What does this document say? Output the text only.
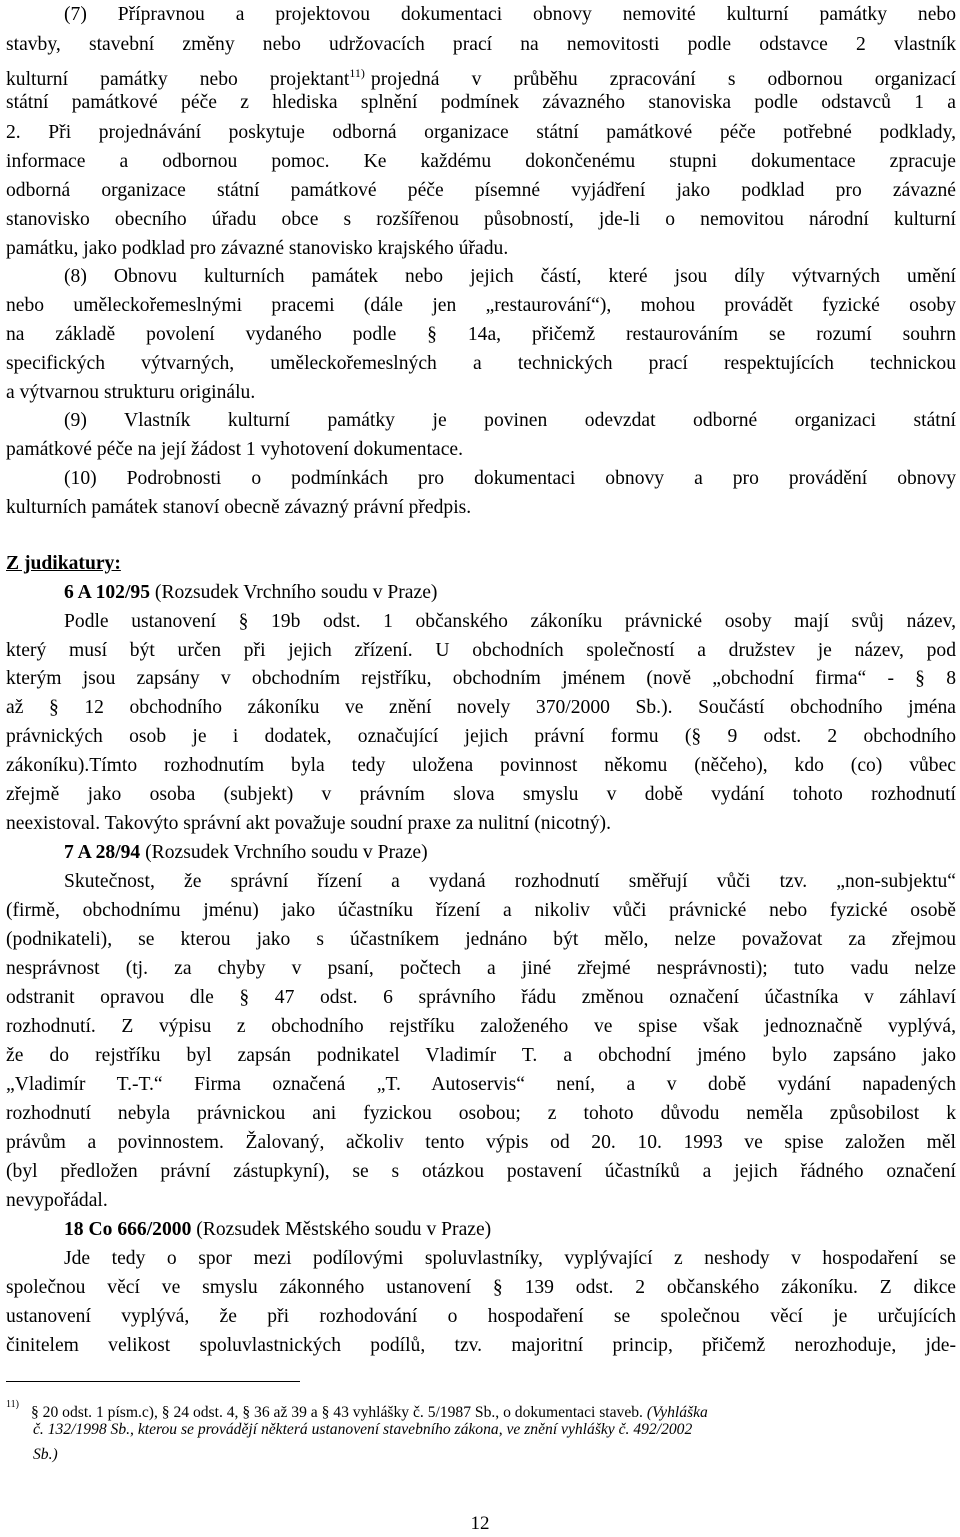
(7) Přípravnou a projektovou dokumentaci obnovy nemovité kulturní památky nebo
stavby, stavební změny nebo udržovacích prací na nemovitosti podle odstavce 2 vlastník
kulturní památky nebo projektant$^{11)}$ projedná v průběhu zpracování s odbornou organizací
státní památkové péče z hlediska splnění podmínek závazného stanoviska podle odstavců 1 a
2. Při projednávání poskytuje odborná organizace státní památkové péče potřebné podklady,
informace a odbornou pomoc. Ke každému dokončenému stupni dokumentace zpracuje
odborná organizace státní památkové péče písemné vyjádření jako podklad pro závazné
stanovisko obecního úřadu obce s rozšířenou působností, jde-li o nemovitou národní kulturní
památku, jako podklad pro závazné stanovisko krajského úřadu.
(8) Obnovu kulturních památek nebo jejich částí, které jsou díly výtvarných umění
nebo uměleckořemeslnými pracemi (dále jen „restaurování“), mohou provádět fyzické osoby
na základě povolení vydaného podle § 14a, přičemž restaurováním se rozumí souhrn
specifických výtvarných, uměleckořemeslných a technických prací respektujících technickou
a výtvarnou strukturu originálu.
(9) Vlastník kulturní památky je povinen odevzdat odborné organizaci státní
památkové péče na její žádost 1 vyhotovení dokumentace.
(10) Podrobnosti o podmínkách pro dokumentaci obnovy a pro provádění obnovy
kulturních památek stanoví obecně závazný právní předpis.
Z judikatury:
6 A 102/95 (Rozsudek Vrchního soudu v Praze)
Podle ustanovení § 19b odst. 1 občanského zákoníku právnické osoby mají svůj název,
který musí být určen při jejich zřízení. U obchodních společností a družstev je název, pod
kterým jsou zapsány v obchodním rejstříku, obchodním jménem (nově „obchodní firma“ - § 8
až § 12 obchodního zákoníku ve znění novely 370/2000 Sb.). Součástí obchodního jména
právnických osob je i dodatek, označující jejich právní formu (§ 9 odst. 2 obchodního
zákoníku).Tímto rozhodnutím byla tedy uložena povinnost někomu (něčeho), kdo (co) vůbec
zřejmě jako osoba (subjekt) v právním slova smyslu v době vydání tohoto rozhodnutí
neexistoval. Takovýto správní akt považuje soudní praxe za nulitní (nicotný).
7 A 28/94 (Rozsudek Vrchního soudu v Praze)
Skutečnost, že správní řízení a vydaná rozhodnutí směřují vůči tzv. „non-subjektu“
(firmě, obchodnímu jménu) jako účastníku řízení a nikoliv vůči právnické nebo fyzické osobě
(podnikateli), se kterou jako s účastníkem jednáno být mělo, nelze považovat za zřejmou
nesprávnost (tj. za chyby v psaní, počtech a jiné zřejmé nesprávnosti); tuto vadu nelze
odstranit opravou dle § 47 odst. 6 správního řádu změnou označení účastníka v záhlaví
rozhodnutí. Z výpisu z obchodního rejstříku založeného ve spise však jednoznačně vyplývá,
že do rejstříku byl zapsán podnikatel Vladimír T. a obchodní jméno bylo zapsáno jako
„Vladimír T.-T.“ Firma označená „T. Autoservis“ není, a v době vydání napadených
rozhodnutí nebyla právnickou ani fyzickou osobou; z tohoto důvodu neměla způsobilost k
právům a povinnostem. Žalovaný, ačkoliv tento výpis od 20. 10. 1993 ve spise založen měl
(byl předložen právní zástupkyní), se s otázkou postavení účastníků a jejich řádného označení
nevypořádal.
18 Co 666/2000 (Rozsudek Městského soudu v Praze)
Jde tedy o spor mezi podílovými spoluvlastníky, vyplývající z neshody v hospodaření se
společnou věcí ve smyslu zákonného ustanovení § 139 odst. 2 občanského zákoníku. Z dikce
ustanovení vyplývá, že při rozhodování o hospodaření se společnou věcí je určujících
činitelem velikost spoluvlastnických podílů, tzv. majoritní princip, přičemž nerozhoduje, jde-
$^{11)}$ § 20 odst. 1 písm.c), § 24 odst. 4, § 36 až 39 a § 43 vyhlášky č. 5/1987 Sb., o dokumentaci staveb. (Vyhláška
č. 132/1998 Sb., kterou se provádějí některá ustanovení stavebního zákona, ve znění vyhlášky č. 492/2002
Sb.)
12
